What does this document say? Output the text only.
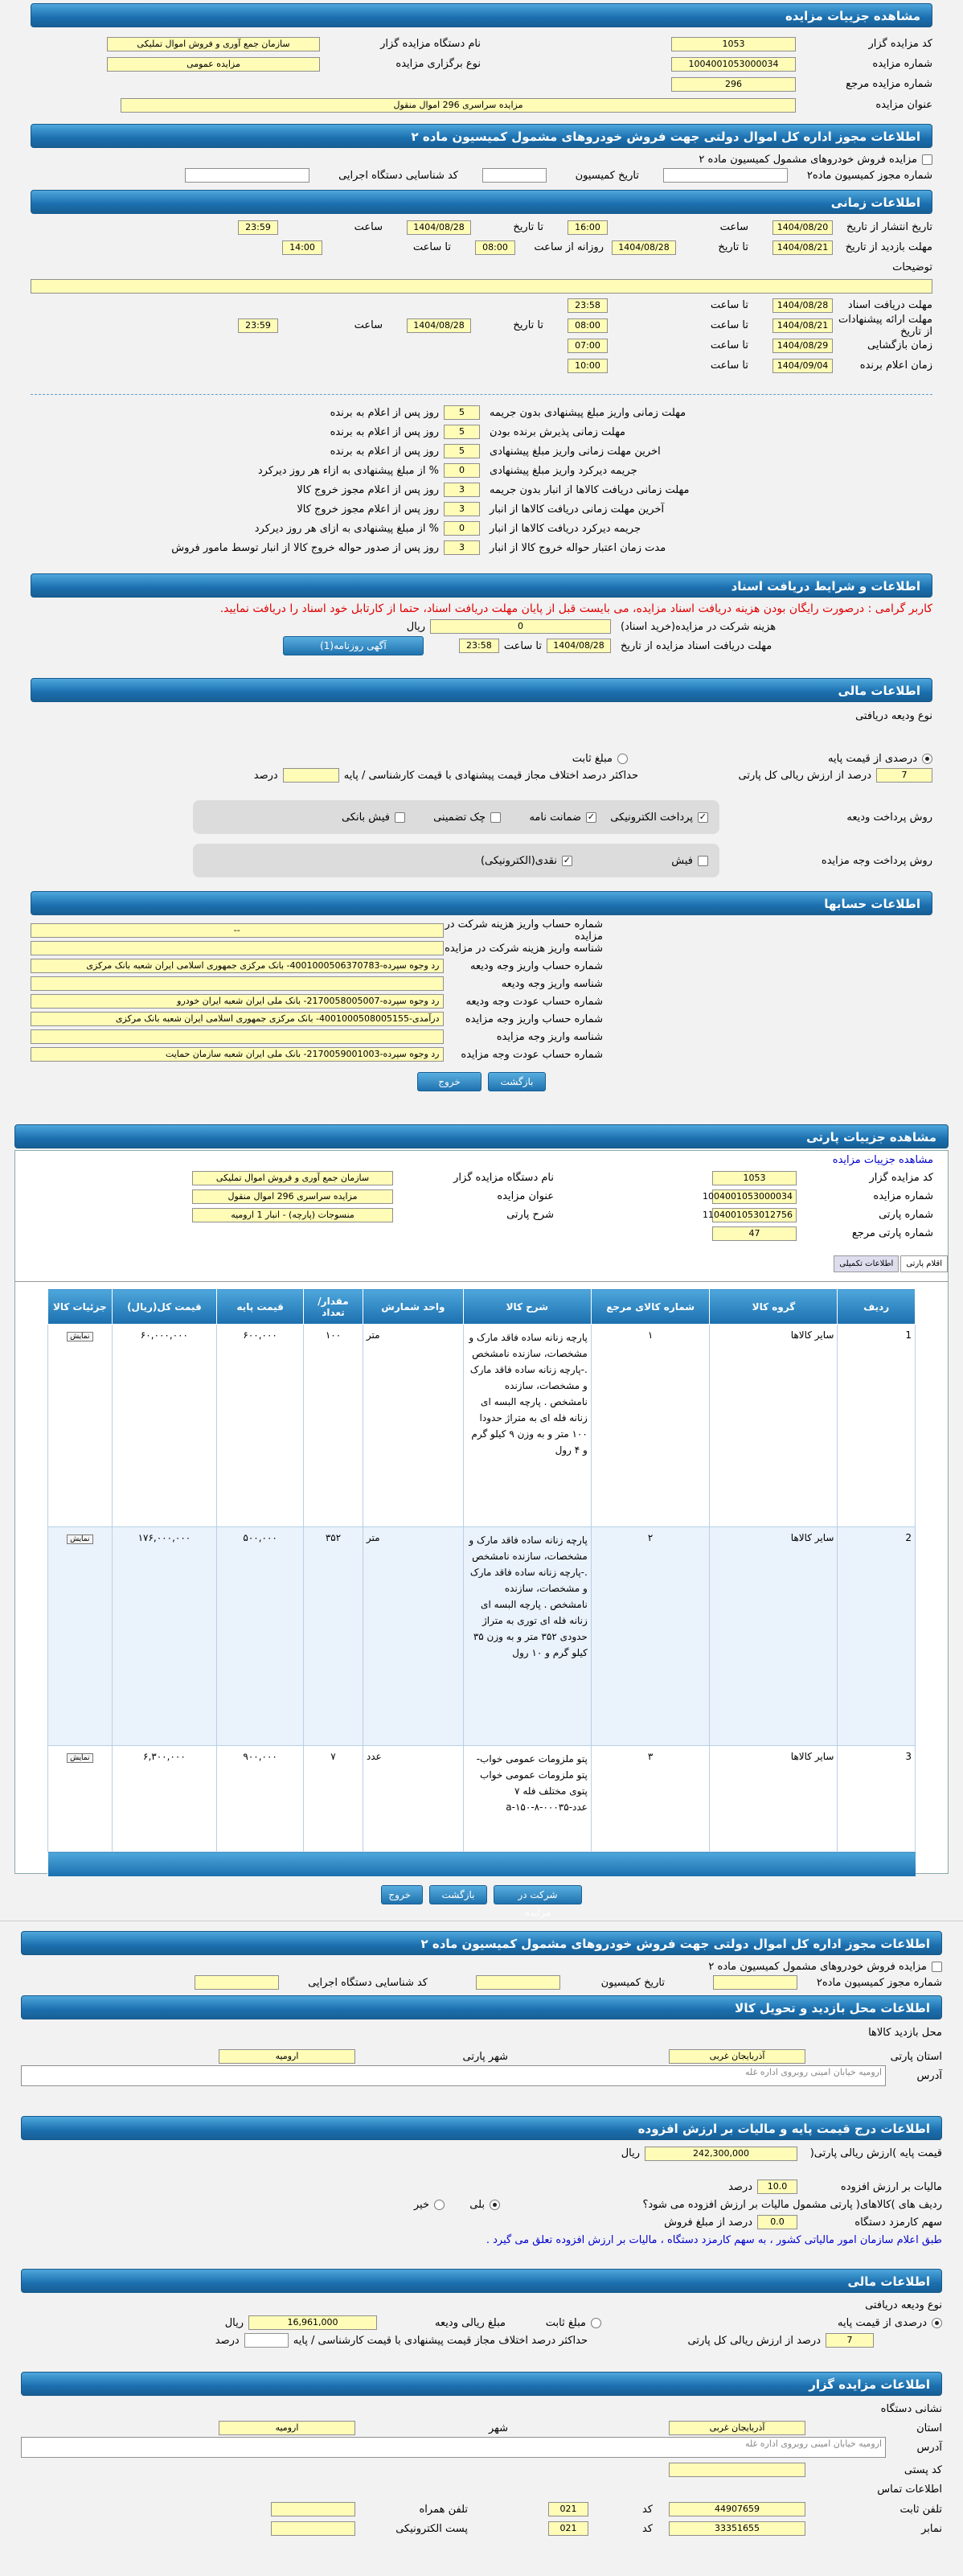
مشاهده جزییات مزایده
کد مزایده گزار
1053
شماره مزایده
1004001053000034
شماره مزایده مرجع
296
نام دستگاه مزایده گزار
سازمان جمع آوری و فروش اموال تملیکی
نوع برگزاری مزایده
مزایده عمومی
عنوان مزایده
مزایده سراسری 296 اموال منقول
اطلاعات مجوز اداره کل اموال دولتی جهت فروش خودروهای مشمول کمیسیون ماده ۲
مزایده فروش خودروهای مشمول کمیسیون ماده ۲
شماره مجوز کمیسیون ماده۲
تاریخ کمیسیون
کد شناسایی دستگاه اجرایی
اطلاعات زمانی
تاریخ انتشار از تاریخ
1404/08/20
ساعت
16:00
تا تاریخ
1404/08/28
ساعت
23:59
مهلت بازدید از تاریخ
1404/08/21
تا تاریخ
1404/08/28
روزانه از ساعت
08:00
تا ساعت
14:00
توضیحات
مهلت دریافت اسناد
1404/08/28
تا ساعت
23:58
مهلت ارائه پیشنهادات از تاریخ
1404/08/21
تا ساعت
08:00
تا تاریخ
1404/08/28
ساعت
23:59
زمان بازگشایی
1404/08/29
تا ساعت
07:00
زمان اعلام برنده
1404/09/04
تا ساعت
10:00
مهلت زمانی واریز مبلغ پیشنهادی بدون جریمه
5
روز پس از اعلام به برنده
مهلت زمانی پذیرش برنده بودن
5
روز پس از اعلام به برنده
اخرین مهلت زمانی واریز مبلغ پیشنهادی
5
روز پس از اعلام به برنده
جریمه دیرکرد واریز مبلغ پیشنهادی
0
% از مبلغ پیشنهادی به ازاء هر روز دیرکرد
مهلت زمانی دریافت کالاها از انبار بدون جریمه
3
روز پس از اعلام مجوز خروج کالا
آخرین مهلت زمانی دریافت کالاها از انبار
3
روز پس از اعلام مجوز خروج کالا
جریمه دیرکرد دریافت کالاها از انبار
0
% از مبلغ پیشنهادی به ازای هر روز دیرکرد
مدت زمان اعتبار حواله خروج کالا از انبار
3
روز پس از صدور حواله خروج کالا از انبار توسط مامور فروش
اطلاعات و شرایط دریافت اسناد
کاربر گرامی : درصورت رایگان بودن هزینه دریافت اسناد مزایده، می بایست قبل از پایان مهلت دریافت اسناد، حتما از کارتابل خود اسناد را دریافت نمایید.
هزینه شرکت در مزایده(خرید اسناد)
0
ریال
مهلت دریافت اسناد مزایده از تاریخ
1404/08/28
تا ساعت
23:58
آگهی روزنامه(1)
اطلاعات مالی
نوع ودیعه دریافتی
درصدی از قیمت پایه
مبلغ ثابت
7
درصد از ارزش ریالی کل پارتی
حداکثر درصد اختلاف مجاز قیمت پیشنهادی با قیمت کارشناسی / پایه
درصد
روش پرداخت ودیعه
✓
پرداخت الکترونیکی
✓
ضمانت نامه
چک تضمینی
فیش بانکی
روش پرداخت وجه مزایده
فیش
✓
نقدی(الکترونیکی)
اطلاعات حسابها
شماره حساب واریز هزینه شرکت در مزایده
--
شناسه واریز هزینه شرکت در مزایده
شماره حساب واریز وجه ودیعه
رد وجوه سپرده-4001000506370783- بانک مرکزی جمهوری اسلامی ایران شعبه بانک مرکزی
شناسه واریز وجه ودیعه
شماره حساب عودت وجه ودیعه
رد وجوه سپرده-2170058005007- بانک ملی ایران شعبه ایران خودرو
شماره حساب واریز وجه مزایده
درآمدی-4001000508005155- بانک مرکزی جمهوری اسلامی ایران شعبه بانک مرکزی
شناسه واریز وجه مزایده
شماره حساب عودت وجه مزایده
رد وجوه سپرده-2170059001003- بانک ملی ایران شعبه سازمان حمایت
بازگشت
خروج
مشاهده جزییات پارتی
مشاهده جزییات مزایده
کد مزایده گزار
1053
شماره مزایده
1004001053000034
شماره پارتی
1104001053012756
شماره پارتی مرجع
47
نام دستگاه مزایده گزار
سازمان جمع آوری و فروش اموال تملیکی
عنوان مزایده
مزایده سراسری 296 اموال منقول
شرح پارتی
منسوجات (پارچه) - انبار 1 ارومیه
اقلام پارتی
اطلاعات تکمیلی
ردیف	گروه کالا	شماره کالای مرجع	شرح کالا	واحد شمارش	مقدار/ تعداد	قیمت پایه	قیمت کل(ریال)	جزئیات کالا
1	سایر کالاها	۱	پارچه زنانه ساده فاقد مارک و مشخصات، سازنده نامشخص .-پارچه زنانه ساده فاقد مارک و مشخصات، سازنده نامشخص . پارچه البسه ای زنانه فله ای به متراژ حدودا ۱۰۰ متر و به وزن ۹ کیلو گرم و ۴ رول	متر	۱۰۰	۶۰۰,۰۰۰	۶۰,۰۰۰,۰۰۰	نمایش
2	سایر کالاها	۲	پارچه زنانه ساده فاقد مارک و مشخصات، سازنده نامشخص .-پارچه زنانه ساده فاقد مارک و مشخصات، سازنده نامشخص . پارچه البسه ای زنانه فله ای توری به متراژ حدودی ۳۵۲ متر و به وزن ۳۵ کیلو گرم و ۱۰ رول	متر	۳۵۲	۵۰۰,۰۰۰	۱۷۶,۰۰۰,۰۰۰	نمایش
3	سایر کالاها	۳	پتو ملزومات عمومی خواب-پتو ملزومات عمومی خواب پتوی مختلف فله ۷ عدد-۰۰۰۳۵-۸-۱۵۰-a	عدد	۷	۹۰۰,۰۰۰	۶,۳۰۰,۰۰۰	نمایش

شرکت در مزایده
بازگشت
خروج
اطلاعات مجوز اداره کل اموال دولتی جهت فروش خودروهای مشمول کمیسیون ماده ۲
مزایده فروش خودروهای مشمول کمیسیون ماده ۲
شماره مجوز کمیسیون ماده۲
تاریخ کمیسیون
کد شناسایی دستگاه اجرایی
اطلاعات محل بازدید و تحویل کالا
محل بازدید کالاها
استان پارتی
آذربایجان غربی
شهر پارتی
ارومیه
آدرس
ارومیه خیابان امینی روبروی اداره غله
اطلاعات درج قیمت پایه و مالیات بر ارزش افزوده
قیمت پایه )ارزش ریالی پارتی(
242,300,000
ریال
مالیات بر ارزش افزوده
10.0
درصد
ردیف های )کالاهای( پارتی مشمول مالیات بر ارزش افزوده می شود؟
بلی
خیر
سهم کارمزد دستگاه
0.0
درصد از مبلغ فروش
طبق اعلام سازمان امور مالیاتی کشور ، به سهم کارمزد دستگاه ، مالیات بر ارزش افزوده تعلق می گیرد .
اطلاعات مالی
نوع ودیعه دریافتی
درصدی از قیمت پایه
مبلغ ثابت
مبلغ ریالی ودیعه
16,961,000
ریال
7
درصد از ارزش ریالی کل پارتی
حداکثر درصد اختلاف مجاز قیمت پیشنهادی با قیمت کارشناسی / پایه
درصد
اطلاعات مزایده گزار
نشانی دستگاه
استان
آذربایجان غربی
شهر
ارومیه
آدرس
ارومیه خیابان امینی روبروی اداره غله
کد پستی
اطلاعات تماس
تلفن ثابت
44907659
کد
021
تلفن همراه
نمابر
33351655
کد
021
پست الکترونیکی
